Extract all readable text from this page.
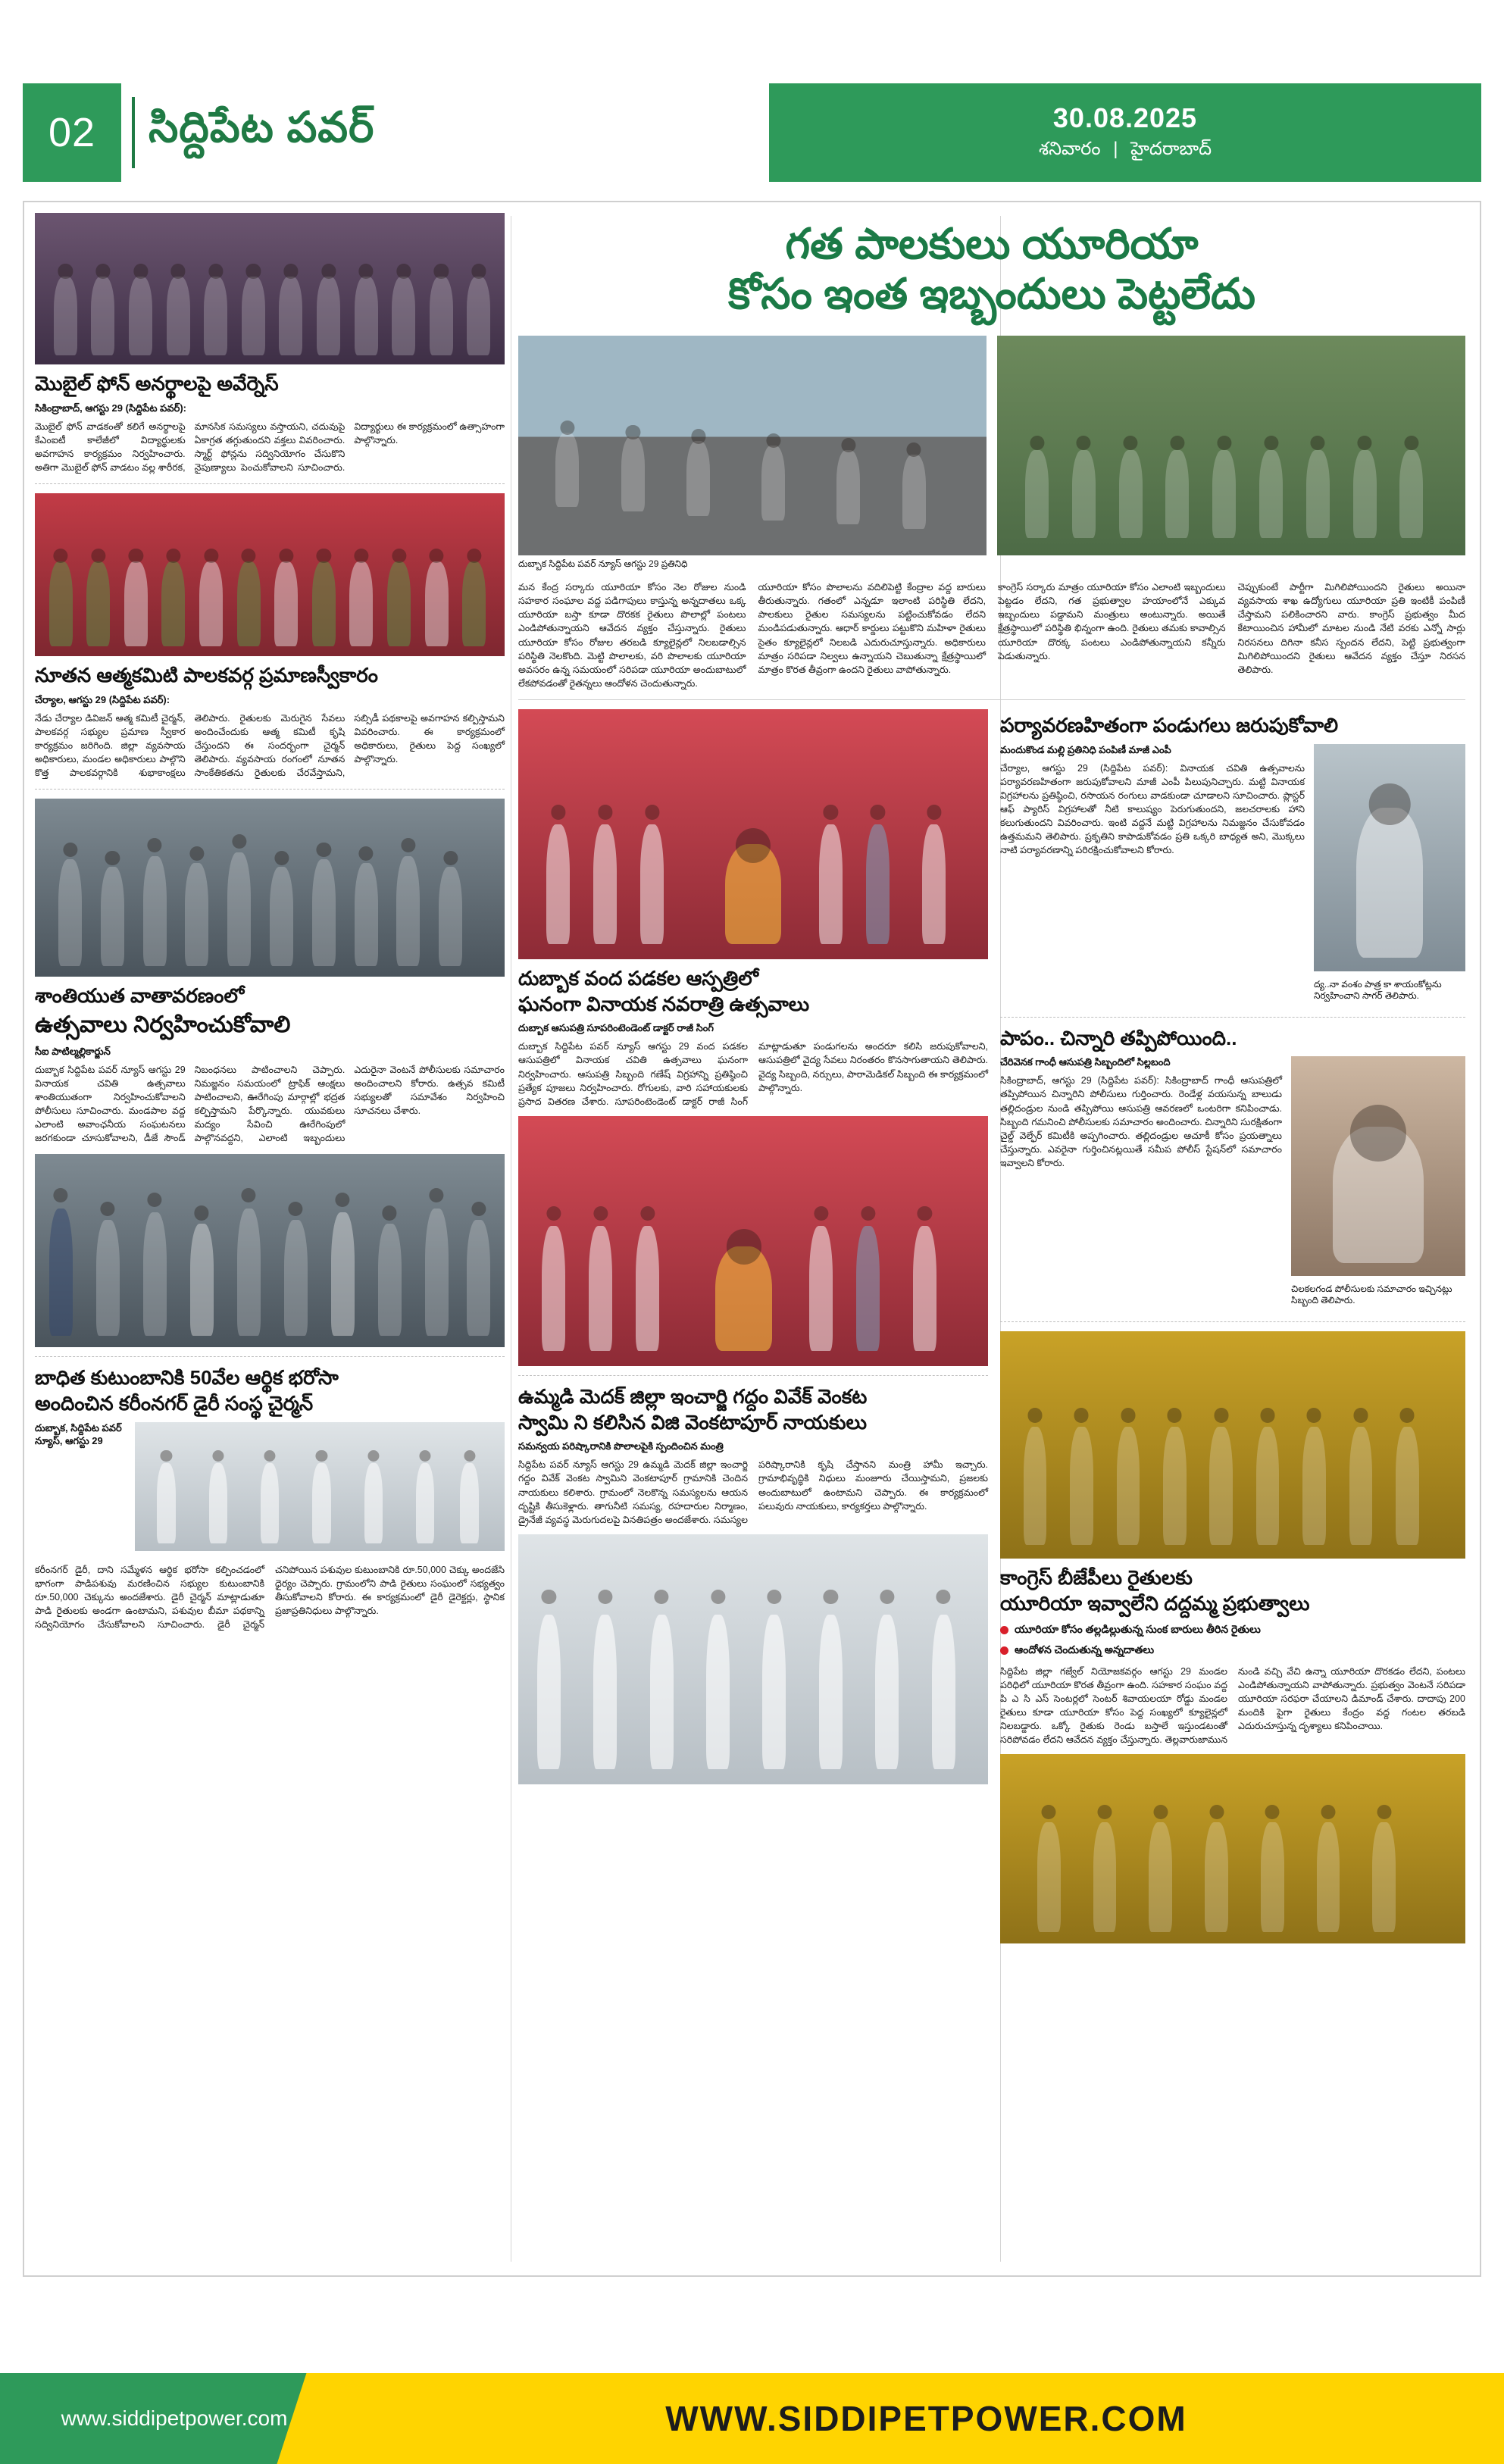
02 సిద్దిపేట పవర్	30.08.2025
శనివారం | హైదరాబాద్
మొబైల్ ఫోన్ అనర్థాలపై అవేర్నెస్
సికింద్రాబాద్, ఆగస్టు 29 (సిద్దిపేట పవర్):
మొబైల్ ఫోన్ వాడకంతో కలిగే అనర్థాలపై కేఎంఐటీ కాలేజీలో విద్యార్థులకు అవగాహన కార్యక్రమం నిర్వహించారు. అతిగా మొబైల్ ఫోన్ వాడటం వల్ల శారీరక, మానసిక సమస్యలు వస్తాయని, చదువుపై ఏకాగ్రత తగ్గుతుందని వక్తలు వివరించారు. స్మార్ట్ ఫోన్లను సద్వినియోగం చేసుకొని నైపుణ్యాలు పెంచుకోవాలని సూచించారు. విద్యార్థులు ఈ కార్యక్రమంలో ఉత్సాహంగా పాల్గొన్నారు.
నూతన ఆత్మకమిటి పాలకవర్గ ప్రమాణస్వీకారం
చేర్యాల, ఆగస్టు 29 (సిద్దిపేట పవర్):
నేడు చేర్యాల డివిజన్ ఆత్మ కమిటీ చైర్మన్, పాలకవర్గ సభ్యుల ప్రమాణ స్వీకార కార్యక్రమం జరిగింది. జిల్లా వ్యవసాయ అధికారులు, మండల అధికారులు పాల్గొని కొత్త పాలకవర్గానికి శుభాకాంక్షలు తెలిపారు. రైతులకు మెరుగైన సేవలు అందించేందుకు ఆత్మ కమిటీ కృషి చేస్తుందని ఈ సందర్భంగా చైర్మన్ తెలిపారు. వ్యవసాయ రంగంలో నూతన సాంకేతికతను రైతులకు చేరవేస్తామని, సబ్సిడీ పథకాలపై అవగాహన కల్పిస్తామని వివరించారు. ఈ కార్యక్రమంలో అధికారులు, రైతులు పెద్ద సంఖ్యలో పాల్గొన్నారు.
శాంతియుత వాతావరణంలో
ఉత్సవాలు నిర్వహించుకోవాలి
సీఐ పాటిల్మల్లికార్జున్
దుబ్బాక సిద్దిపేట పవర్ న్యూస్ ఆగస్టు 29 వినాయక చవితి ఉత్సవాలు శాంతియుతంగా నిర్వహించుకోవాలని పోలీసులు సూచించారు. మండపాల వద్ద ఎలాంటి అవాంఛనీయ సంఘటనలు జరగకుండా చూసుకోవాలని, డీజే సౌండ్ నిబంధనలు పాటించాలని చెప్పారు. నిమజ్జనం సమయంలో ట్రాఫిక్ ఆంక్షలు పాటించాలని, ఊరేగింపు మార్గాల్లో భద్రత కల్పిస్తామని పేర్కొన్నారు. యువకులు మద్యం సేవించి ఊరేగింపులో పాల్గొనవద్దని, ఎలాంటి ఇబ్బందులు ఎదురైనా వెంటనే పోలీసులకు సమాచారం అందించాలని కోరారు. ఉత్సవ కమిటీ సభ్యులతో సమావేశం నిర్వహించి సూచనలు చేశారు.
బాధిత కుటుంబానికి 50వేల ఆర్థిక భరోసా
అందించిన కరీంనగర్ డైరీ సంస్థ చైర్మన్
దుబ్బాక, సిద్దిపేట పవర్ న్యూస్, ఆగస్టు 29
కరీంనగర్ డైరీ, దాని సమ్మేళన ఆర్థిక భరోసా కల్పించడంలో భాగంగా పాడిపశువు మరణించిన సభ్యుల కుటుంబానికి రూ.50,000 చెక్కును అందజేశారు. డైరీ చైర్మన్ మాట్లాడుతూ పాడి రైతులకు అండగా ఉంటామని, పశువుల బీమా పథకాన్ని సద్వినియోగం చేసుకోవాలని సూచించారు. డైరీ చైర్మన్ చనిపోయిన పశువుల కుటుంబానికి రూ.50,000 చెక్కు అందజేసి ధైర్యం చెప్పారు. గ్రామంలోని పాడి రైతులు సంఘంలో సభ్యత్వం తీసుకోవాలని కోరారు. ఈ కార్యక్రమంలో డైరీ డైరెక్టర్లు, స్థానిక ప్రజాప్రతినిధులు పాల్గొన్నారు.
గత పాలకులు యూరియా
కోసం ఇంత ఇబ్బందులు పెట్టలేదు
దుబ్బాక సిద్దిపేట పవర్ న్యూస్ ఆగస్టు 29 ప్రతినిధి
మన కేంద్ర సర్కారు యూరియా కోసం నెల రోజుల నుండి సహకార సంఘాల వద్ద పడిగాపులు కాస్తున్న అన్నదాతలు ఒక్క యూరియా బస్తా కూడా దొరకక రైతులు పొలాల్లో పంటలు ఎండిపోతున్నాయని ఆవేదన వ్యక్తం చేస్తున్నారు. రైతులు యూరియా కోసం రోజుల తరబడి క్యూలైన్లలో నిలబడాల్సిన పరిస్థితి నెలకొంది. మెట్టి పొలాలకు, వరి పొలాలకు యూరియా అవసరం ఉన్న సమయంలో సరిపడా యూరియా అందుబాటులో లేకపోవడంతో రైతన్నలు ఆందోళన చెందుతున్నారు.
యూరియా కోసం పొలాలను వదిలిపెట్టి కేంద్రాల వద్ద బారులు తీరుతున్నారు. గతంలో ఎన్నడూ ఇలాంటి పరిస్థితి లేదని, పాలకులు రైతుల సమస్యలను పట్టించుకోవడం లేదని మండిపడుతున్నారు. ఆధార్ కార్డులు పట్టుకొని మహిళా రైతులు సైతం క్యూలైన్లలో నిలబడి ఎదురుచూస్తున్నారు. అధికారులు మాత్రం సరిపడా నిల్వలు ఉన్నాయని చెబుతున్నా క్షేత్రస్థాయిలో మాత్రం కొరత తీవ్రంగా ఉందని రైతులు వాపోతున్నారు.
కాంగ్రెస్ సర్కారు మాత్రం యూరియా కోసం ఎలాంటి ఇబ్బందులు పెట్టడం లేదని, గత ప్రభుత్వాల హయాంలోనే ఎక్కువ ఇబ్బందులు పడ్డామని మంత్రులు అంటున్నారు. అయితే క్షేత్రస్థాయిలో పరిస్థితి భిన్నంగా ఉంది. రైతులు తమకు కావాల్సిన యూరియా దొరక్క పంటలు ఎండిపోతున్నాయని కన్నీరు పెడుతున్నారు.
చెప్పుకుంటే పార్టీగా మిగిలిపోయిందని రైతులు అయినా వ్యవసాయ శాఖ ఉద్యోగులు యూరియా ప్రతి ఇంటికీ పంపిణీ చేస్తామని పలికించారని వారు. కాంగ్రెస్ ప్రభుత్వం మీద కేటాయించిన హామీలో మాటల నుండి నేటి వరకు ఎన్నో సార్లు నిరసనలు దిగినా కనీస స్పందన లేదని, పెట్టి ప్రభుత్వంగా మిగిలిపోయిందని రైతులు ఆవేదన వ్యక్తం చేస్తూ నిరసన తెలిపారు.
దుబ్బాక వంద పడకల ఆస్పత్రిలో
ఘనంగా వినాయక నవరాత్రి ఉత్సవాలు
దుబ్బాక ఆసుపత్రి సూపరింటెండెంట్ డాక్టర్ రాజీ సింగ్
దుబ్బాక సిద్దిపేట పవర్ న్యూస్ ఆగస్టు 29 వంద పడకల ఆసుపత్రిలో వినాయక చవితి ఉత్సవాలు ఘనంగా నిర్వహించారు. ఆసుపత్రి సిబ్బంది గణేష్ విగ్రహాన్ని ప్రతిష్ఠించి ప్రత్యేక పూజలు నిర్వహించారు. రోగులకు, వారి సహాయకులకు ప్రసాద వితరణ చేశారు. సూపరింటెండెంట్ డాక్టర్ రాజీ సింగ్ మాట్లాడుతూ పండుగలను అందరూ కలిసి జరుపుకోవాలని, ఆసుపత్రిలో వైద్య సేవలు నిరంతరం కొనసాగుతాయని తెలిపారు. వైద్య సిబ్బంది, నర్సులు, పారామెడికల్ సిబ్బంది ఈ కార్యక్రమంలో పాల్గొన్నారు.
ఉమ్మడి మెదక్ జిల్లా ఇంచార్జి గద్దం వివేక్ వెంకట
స్వామి ని కలిసిన విజి వెంకటాపూర్ నాయకులు
సమన్వయ పరిష్కారానికి పొలాలపైకి స్పందించిన మంత్రి
సిద్దిపేట పవర్ న్యూస్ ఆగస్టు 29 ఉమ్మడి మెదక్ జిల్లా ఇంచార్జి గద్దం వివేక్ వెంకట స్వామిని వెంకటాపూర్ గ్రామానికి చెందిన నాయకులు కలిశారు. గ్రామంలో నెలకొన్న సమస్యలను ఆయన దృష్టికి తీసుకెళ్లారు. తాగునీటి సమస్య, రహదారుల నిర్మాణం, డ్రైనేజీ వ్యవస్థ మెరుగుదలపై వినతిపత్రం అందజేశారు. సమస్యల పరిష్కారానికి కృషి చేస్తానని మంత్రి హామీ ఇచ్చారు. గ్రామాభివృద్ధికి నిధులు మంజూరు చేయిస్తామని, ప్రజలకు అందుబాటులో ఉంటామని చెప్పారు. ఈ కార్యక్రమంలో పలువురు నాయకులు, కార్యకర్తలు పాల్గొన్నారు.
పర్యావరణహితంగా పండుగలు జరుపుకోవాలి
మందుకొండ మల్లి ప్రతినిధి పంపిణీ మాజీ ఎంపీ
చేర్యాల, ఆగస్టు 29 (సిద్దిపేట పవర్): వినాయక చవితి ఉత్సవాలను పర్యావరణహితంగా జరుపుకోవాలని మాజీ ఎంపీ పిలుపునిచ్చారు. మట్టి వినాయక విగ్రహాలను ప్రతిష్ఠించి, రసాయన రంగులు వాడకుండా చూడాలని సూచించారు. ప్లాస్టర్ ఆఫ్ ప్యారిస్ విగ్రహాలతో నీటి కాలుష్యం పెరుగుతుందని, జలచరాలకు హాని కలుగుతుందని వివరించారు. ఇంటి వద్దనే మట్టి విగ్రహాలను నిమజ్జనం చేసుకోవడం ఉత్తమమని తెలిపారు. ప్రకృతిని కాపాడుకోవడం ప్రతి ఒక్కరి బాధ్యత అని, మొక్కలు నాటి పర్యావరణాన్ని పరిరక్షించుకోవాలని కోరారు.
ద్య..నా వంశం పాత్ర కా శాయంకోట్లను నిర్వహించాని సాగర్ తెలిపారు.
పాపం.. చిన్నారి తప్పిపోయింది..
చేరివెనక గాంధీ ఆసుపత్రి సిబ్బందిలో సిల్లబంది
సికింద్రాబాద్, ఆగస్టు 29 (సిద్దిపేట పవర్): సికింద్రాబాద్ గాంధీ ఆసుపత్రిలో తప్పిపోయిన చిన్నారిని పోలీసులు గుర్తించారు. రెండేళ్ల వయసున్న బాలుడు తల్లిదండ్రుల నుండి తప్పిపోయి ఆసుపత్రి ఆవరణలో ఒంటరిగా కనిపించాడు. సిబ్బంది గమనించి పోలీసులకు సమాచారం అందించారు. చిన్నారిని సురక్షితంగా చైల్డ్ వెల్ఫేర్ కమిటీకి అప్పగించారు. తల్లిదండ్రుల ఆచూకీ కోసం ప్రయత్నాలు చేస్తున్నారు. ఎవరైనా గుర్తించినట్లయితే సమీప పోలీస్ స్టేషన్‌లో సమాచారం ఇవ్వాలని కోరారు.
చిలకలగండ పోలీసులకు సమాచారం ఇచ్చినట్లు సిబ్బంది తెలిపారు.
కాంగ్రెస్ బీజేపీలు రైతులకు
యూరియా ఇవ్వాలేని దద్దమ్మ ప్రభుత్వాలు
యూరియా కోసం తల్లడిల్లుతున్న సుంక బారులు తీరిన రైతులు
ఆందోళన చెందుతున్న అన్నదాతలు
సిద్దిపేట జిల్లా గజ్వేల్ నియోజకవర్గం ఆగస్టు 29 మండల పరిధిలో యూరియా కొరత తీవ్రంగా ఉంది. సహకార సంఘం వద్ద పి ఎ సి ఎస్ సెంటర్లలో సెంటర్ శివాయలయా రోడ్డు మండల రైతులు కూడా యూరియా కోసం పెద్ద సంఖ్యలో క్యూలైన్లలో నిలబడ్డారు. ఒక్కో రైతుకు రెండు బస్తాలే ఇస్తుండటంతో సరిపోవడం లేదని ఆవేదన వ్యక్తం చేస్తున్నారు. తెల్లవారుజామున నుండి వచ్చి వేచి ఉన్నా యూరియా దొరకడం లేదని, పంటలు ఎండిపోతున్నాయని వాపోతున్నారు. ప్రభుత్వం వెంటనే సరిపడా యూరియా సరఫరా చేయాలని డిమాండ్ చేశారు. దాదాపు 200 మందికి పైగా రైతులు కేంద్రం వద్ద గంటల తరబడి ఎదురుచూస్తున్న దృశ్యాలు కనిపించాయి.
www.siddipetpower.com	WWW.SIDDIPETPOWER.COM
